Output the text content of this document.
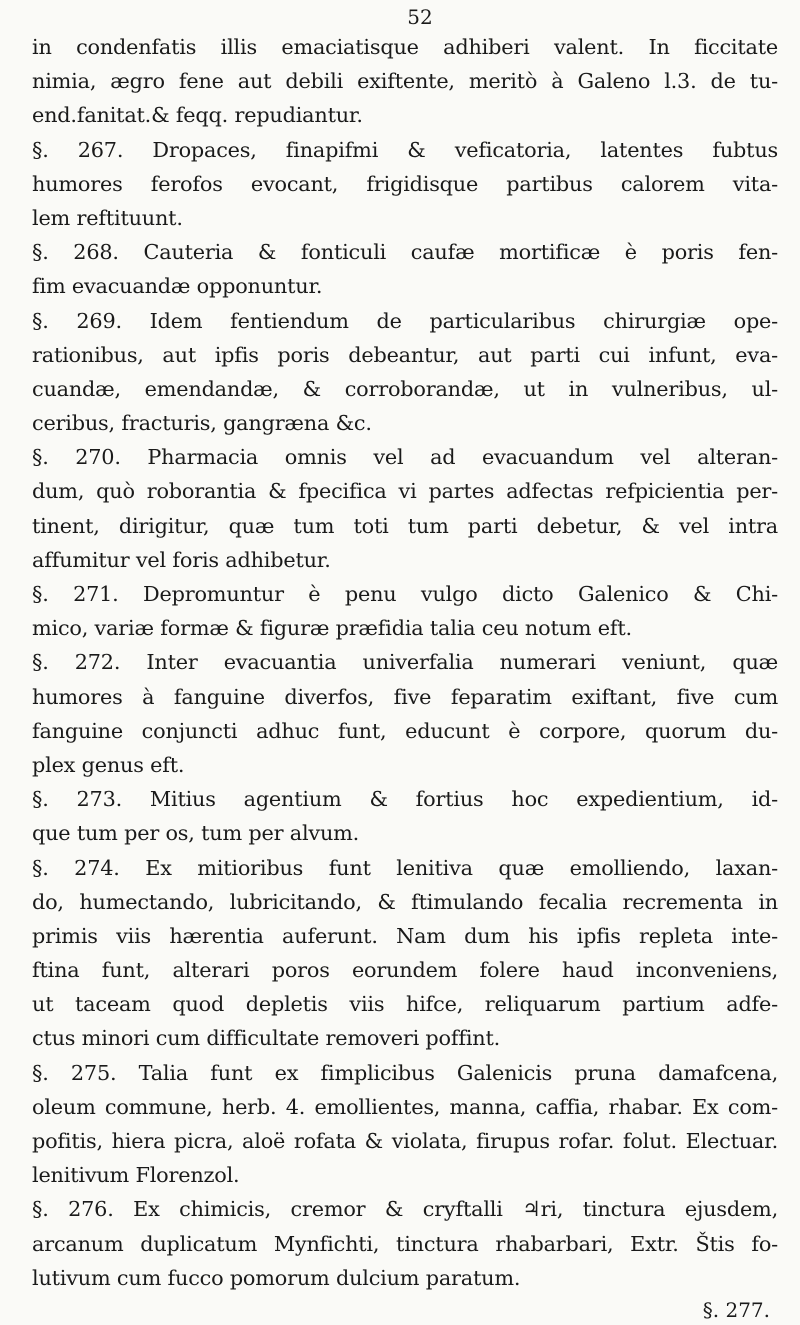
52
in condenfatis illis emaciatisque adhiberi valent. In ficcitate
nimia, ægro fene aut debili exiftente, meritò à Galeno l.3. de tu-
end.fanitat.& feqq. repudiantur.
§. 267. Dropaces, finapifmi & veficatoria, latentes fubtus
humores ferofos evocant, frigidisque partibus calorem vita-
lem reftituunt.
§. 268. Cauteria & fonticuli caufæ mortificæ è poris fen-
fim evacuandæ opponuntur.
§. 269. Idem fentiendum de particularibus chirurgiæ ope-
rationibus, aut ipfis poris debeantur, aut parti cui infunt, eva-
cuandæ, emendandæ, & corroborandæ, ut in vulneribus, ul-
ceribus, fracturis, gangræna &c.
§. 270. Pharmacia omnis vel ad evacuandum vel alteran-
dum, quò roborantia & fpecifica vi partes adfectas refpicientia per-
tinent, dirigitur, quæ tum toti tum parti debetur, & vel intra
affumitur vel foris adhibetur.
§. 271. Depromuntur è penu vulgo dicto Galenico & Chi-
mico, variæ formæ & figuræ præfidia talia ceu notum eft.
§. 272. Inter evacuantia univerfalia numerari veniunt, quæ
humores à fanguine diverfos, five feparatim exiftant, five cum
fanguine conjuncti adhuc funt, educunt è corpore, quorum du-
plex genus eft.
§. 273. Mitius agentium & fortius hoc expedientium, id-
que tum per os, tum per alvum.
§. 274. Ex mitioribus funt lenitiva quæ emolliendo, laxan-
do, humectando, lubricitando, & ftimulando fecalia recrementa in
primis viis hærentia auferunt. Nam dum his ipfis repleta inte-
ftina funt, alterari poros eorundem folere haud inconveniens,
ut taceam quod depletis viis hifce, reliquarum partium adfe-
ctus minori cum difficultate removeri poffint.
§. 275. Talia funt ex fimplicibus Galenicis pruna damafcena,
oleum commune, herb. 4. emollientes, manna, caffia, rhabar. Ex com-
pofitis, hiera picra, aloë rofata & violata, firupus rofar. folut. Electuar.
lenitivum Florenzol.
§. 276. Ex chimicis, cremor & cryftalli ♃ri, tinctura ejusdem,
arcanum duplicatum Mynfichti, tinctura rhabarbari, Extr. Štis fo-
lutivum cum fucco pomorum dulcium paratum.
§. 277.
